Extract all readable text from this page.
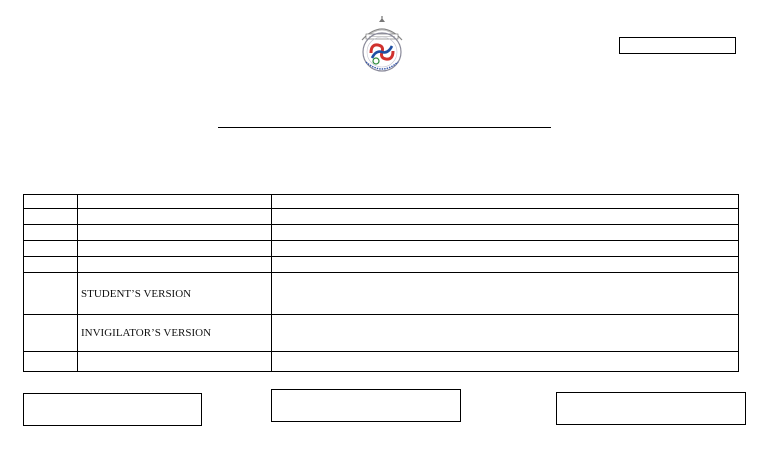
	STUDENT’S VERSION	
	INVIGILATOR’S VERSION	
